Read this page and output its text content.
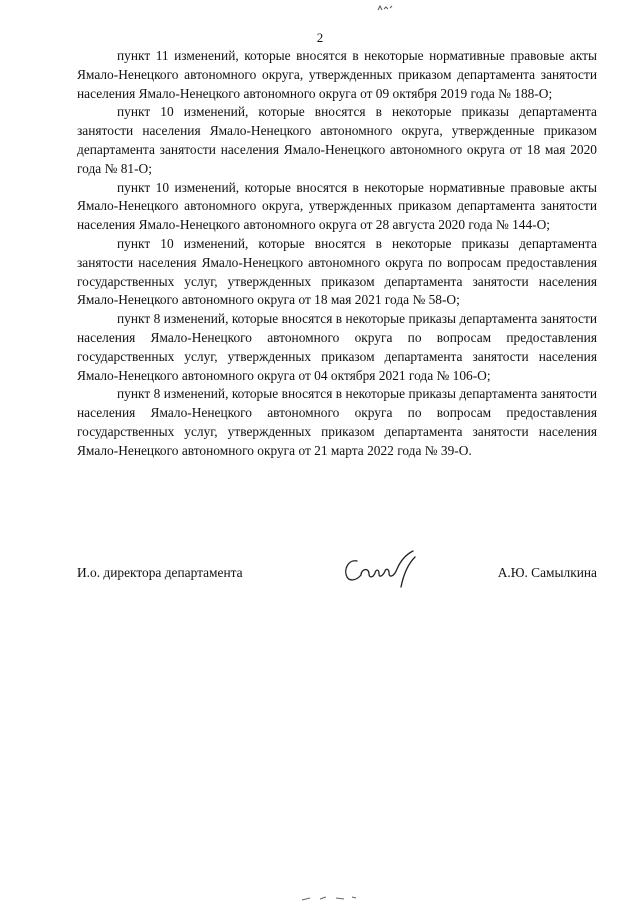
2

пункт 11 изменений, которые вносятся в некоторые нормативные правовые акты Ямало-Ненецкого автономного округа, утвержденных приказом департамента занятости населения Ямало-Ненецкого автономного округа от 09 октября 2019 года № 188-О;

пункт 10 изменений, которые вносятся в некоторые приказы департамента занятости населения Ямало-Ненецкого автономного округа, утвержденные приказом департамента занятости населения Ямало-Ненецкого автономного округа от 18 мая 2020 года № 81-О;

пункт 10 изменений, которые вносятся в некоторые нормативные правовые акты Ямало-Ненецкого автономного округа, утвержденных приказом департамента занятости населения Ямало-Ненецкого автономного округа от 28 августа 2020 года № 144-О;

пункт 10 изменений, которые вносятся в некоторые приказы департамента занятости населения Ямало-Ненецкого автономного округа по вопросам предоставления государственных услуг, утвержденных приказом департамента занятости населения Ямало-Ненецкого автономного округа от 18 мая 2021 года № 58-О;

пункт 8 изменений, которые вносятся в некоторые приказы департамента занятости населения Ямало-Ненецкого автономного округа по вопросам предоставления государственных услуг, утвержденных приказом департамента занятости населения Ямало-Ненецкого автономного округа от 04 октября 2021 года № 106-О;

пункт 8 изменений, которые вносятся в некоторые приказы департамента занятости населения Ямало-Ненецкого автономного округа по вопросам предоставления государственных услуг, утвержденных приказом департамента занятости населения Ямало-Ненецкого автономного округа от 21 марта 2022 года № 39-О.

И.о. директора департамента	А.Ю. Самылкина
